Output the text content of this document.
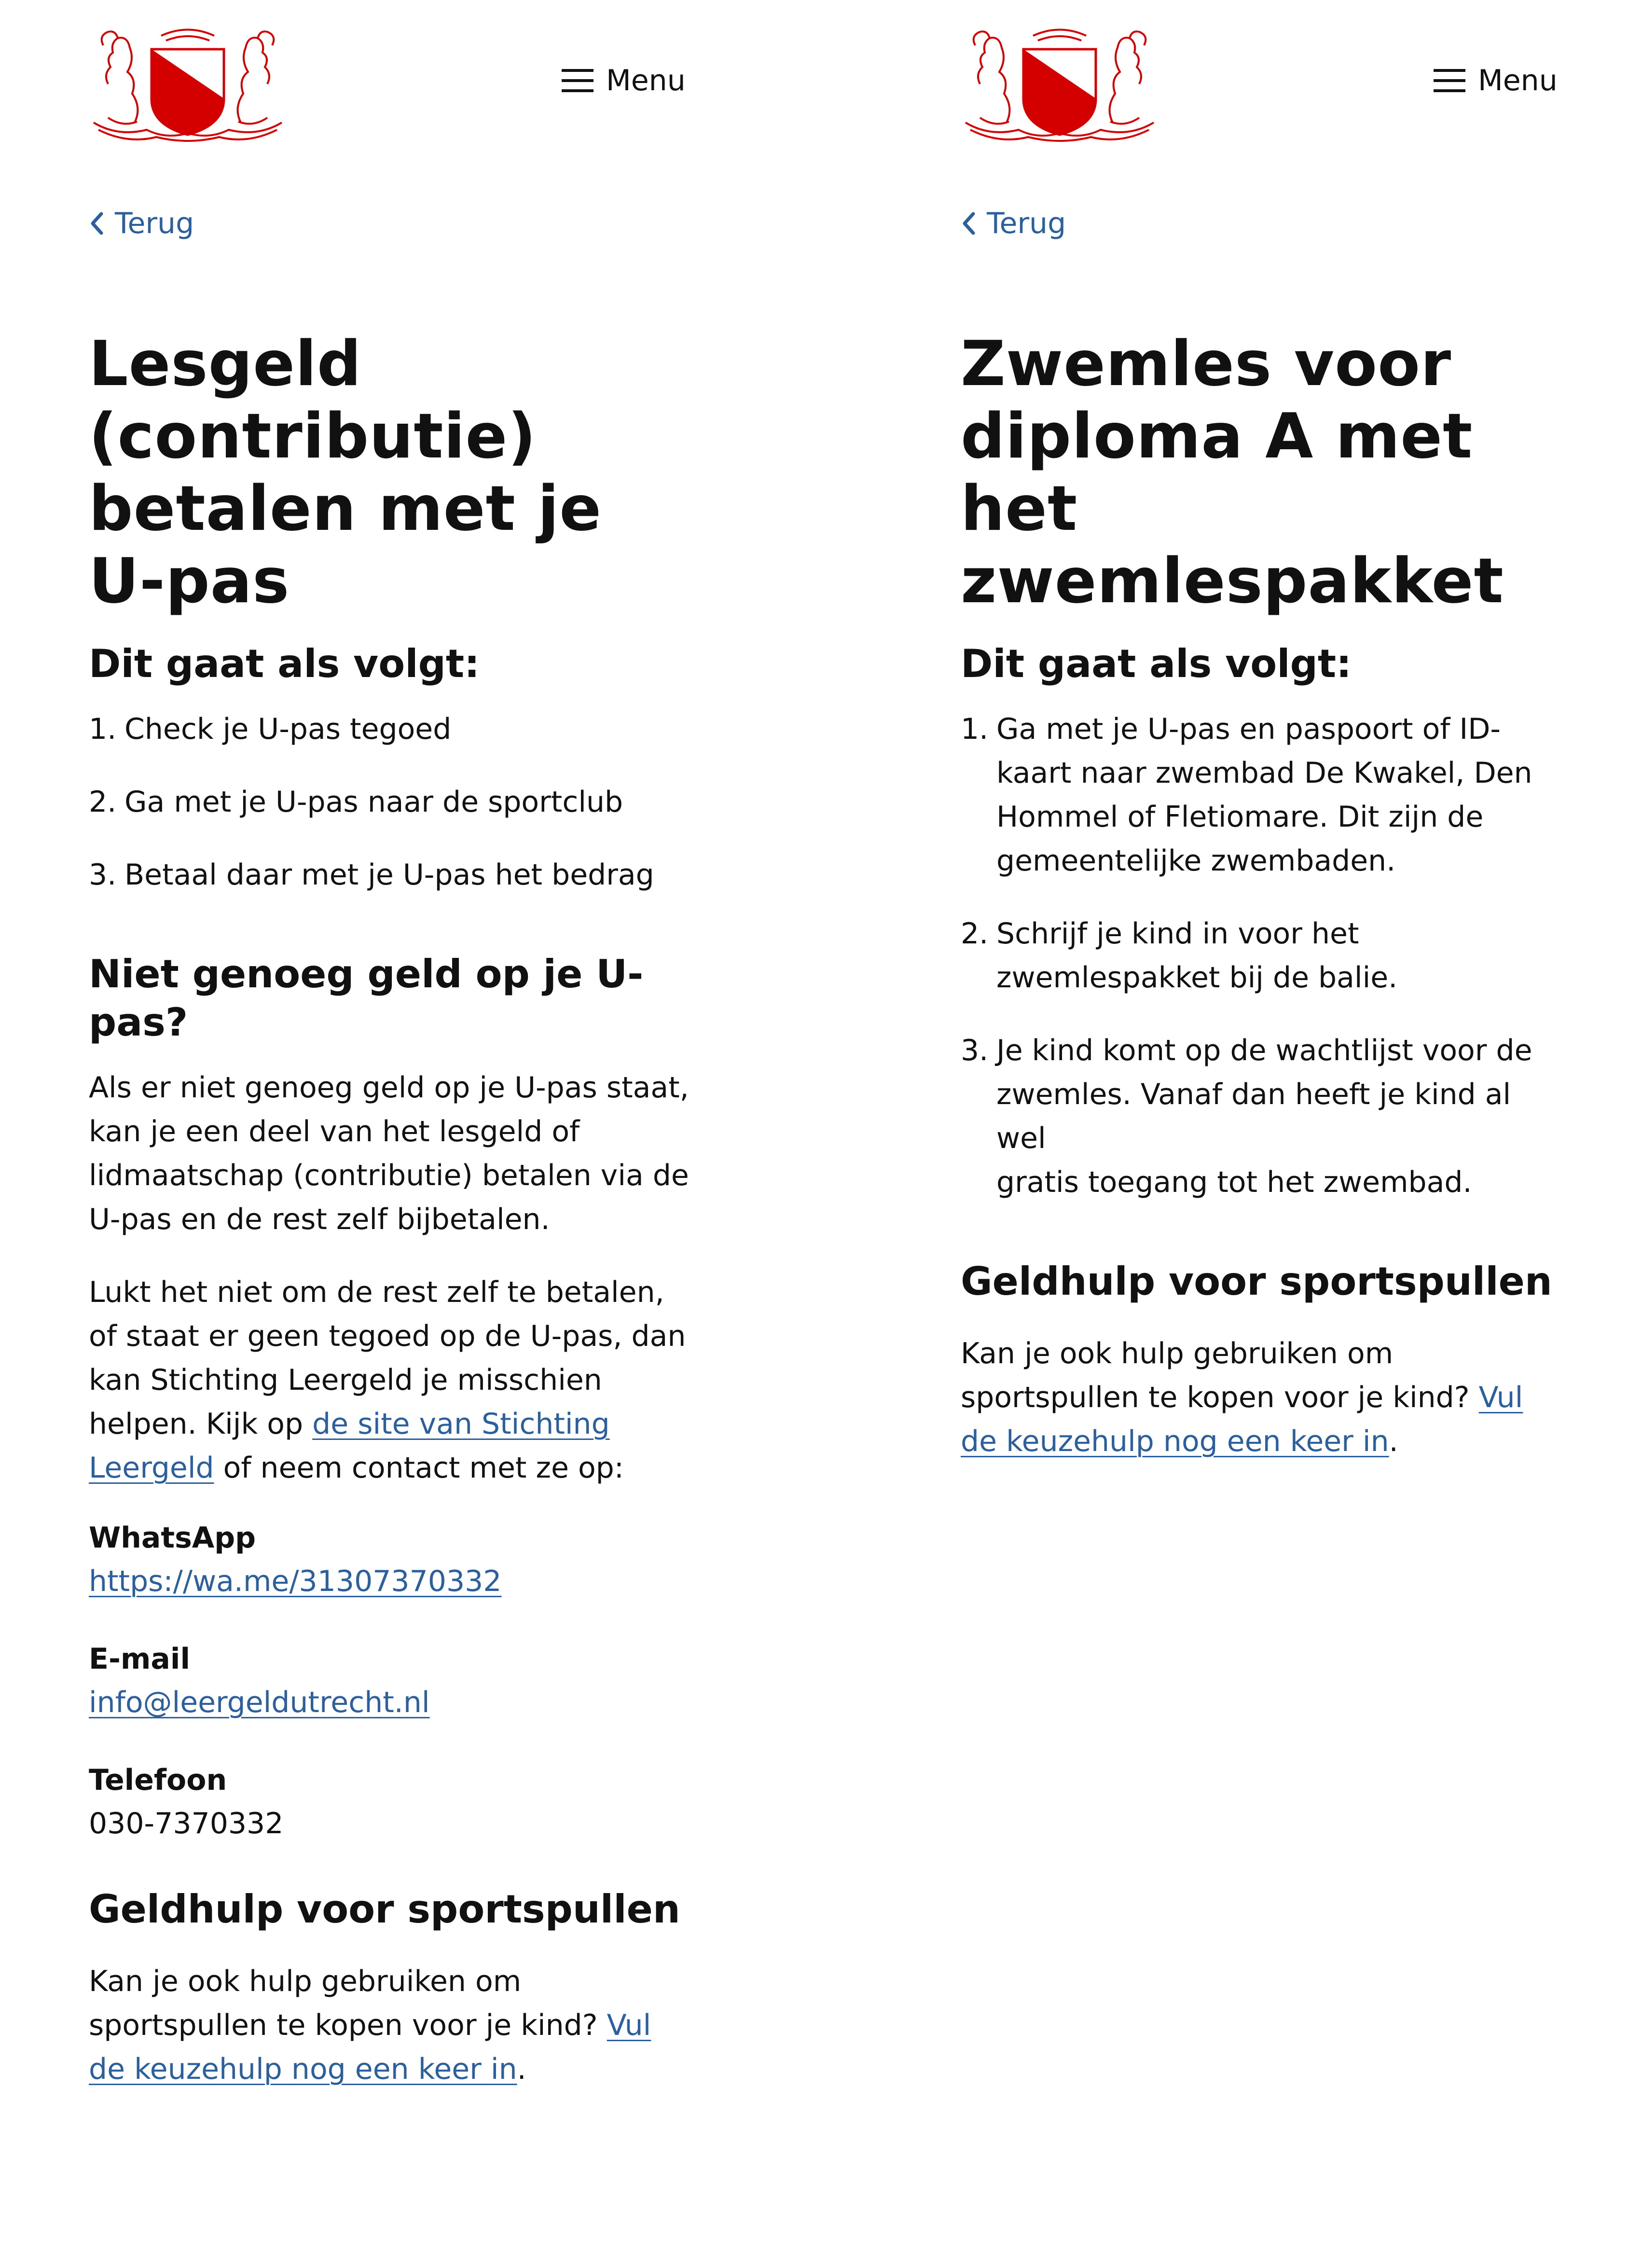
Menu
Terug
Lesgeld
(contributie)
betalen met je
U-pas
Dit gaat als volgt:
1. Check je U-pas tegoed
2. Ga met je U-pas naar de sportclub
3. Betaal daar met je U-pas het bedrag
Niet genoeg geld op je U-
pas?

Als er niet genoeg geld op je U-pas staat,
kan je een deel van het lesgeld of
lidmaatschap (contributie) betalen via de
U-pas en de rest zelf bijbetalen.

Lukt het niet om de rest zelf te betalen,
of staat er geen tegoed op de U-pas, dan
kan Stichting Leergeld je misschien
helpen. Kijk op de site van Stichting
Leergeld of neem contact met ze op:

WhatsApp
https://wa.me/31307370332
E-mail
info@leergeldutrecht.nl
Telefoon
030-7370332
Geldhulp voor sportspullen

Kan je ook hulp gebruiken om
sportspullen te kopen voor je kind? Vul
de keuzehulp nog een keer in.

Menu
Terug
Zwemles voor
diploma A met het
zwemlespakket
Dit gaat als volgt:
1. Ga met je U-pas en paspoort of ID-
kaart naar zwembad De Kwakel, Den
Hommel of Fletiomare. Dit zijn de
gemeentelijke zwembaden.
2. Schrijf je kind in voor het
zwemlespakket bij de balie.
3. Je kind komt op de wachtlijst voor de
zwemles. Vanaf dan heeft je kind al wel
gratis toegang tot het zwembad.
Geldhulp voor sportspullen

Kan je ook hulp gebruiken om
sportspullen te kopen voor je kind? Vul
de keuzehulp nog een keer in.
